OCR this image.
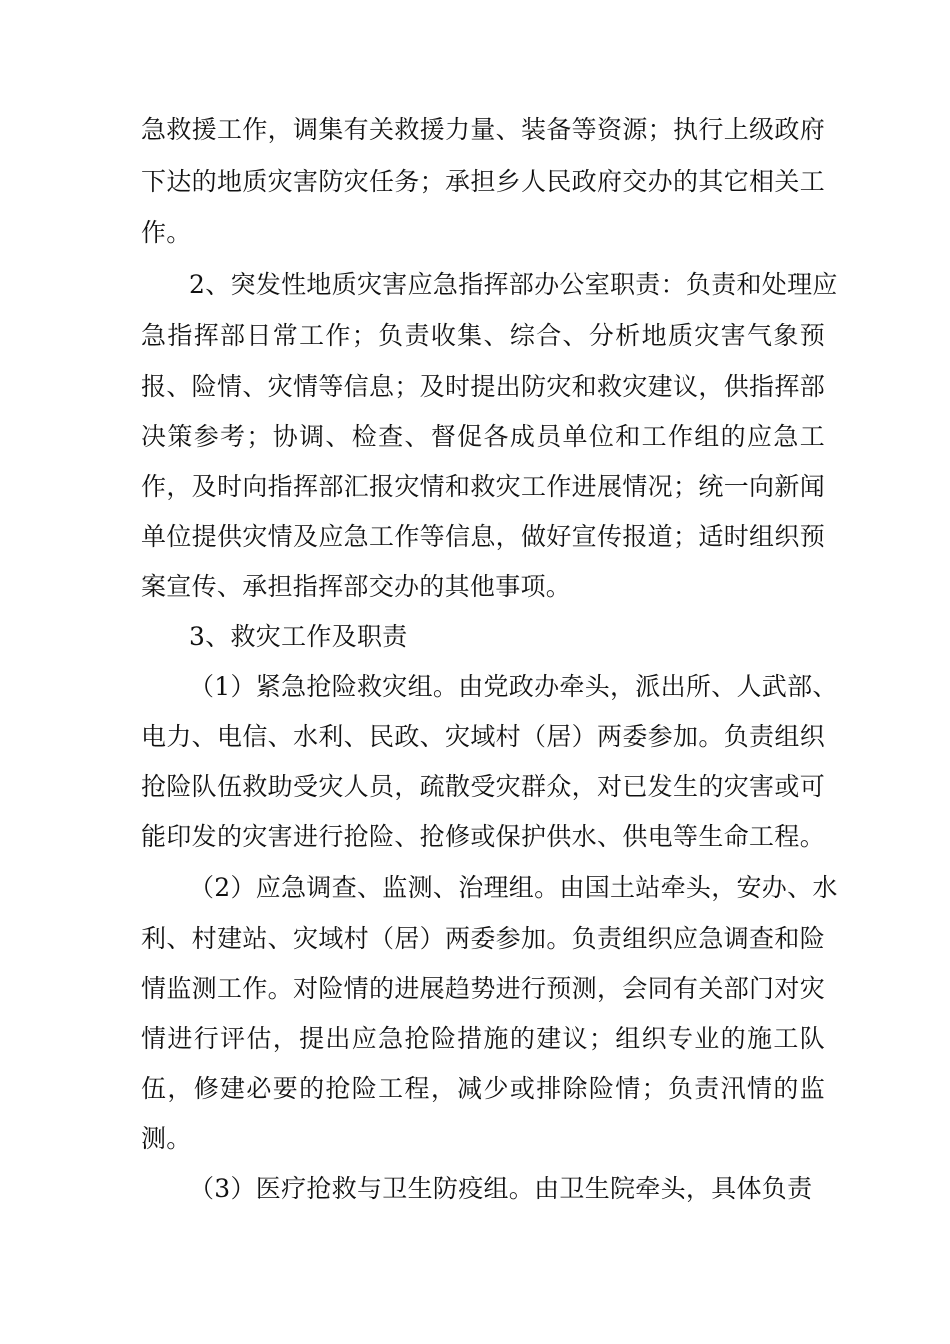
急救援工作，调集有关救援力量、装备等资源；执行上级政府
下达的地质灾害防灾任务；承担乡人民政府交办的其它相关工
作。
2、突发性地质灾害应急指挥部办公室职责：负责和处理应
急指挥部日常工作；负责收集、综合、分析地质灾害气象预
报、险情、灾情等信息；及时提出防灾和救灾建议，供指挥部
决策参考；协调、检查、督促各成员单位和工作组的应急工
作，及时向指挥部汇报灾情和救灾工作进展情况；统一向新闻
单位提供灾情及应急工作等信息，做好宣传报道；适时组织预
案宣传、承担指挥部交办的其他事项。
3、救灾工作及职责
（1）紧急抢险救灾组。由党政办牵头，派出所、人武部、
电力、电信、水利、民政、灾域村（居）两委参加。负责组织
抢险队伍救助受灾人员，疏散受灾群众，对已发生的灾害或可
能印发的灾害进行抢险、抢修或保护供水、供电等生命工程。
（2）应急调查、监测、治理组。由国土站牵头，安办、水
利、村建站、灾域村（居）两委参加。负责组织应急调查和险
情监测工作。对险情的进展趋势进行预测，会同有关部门对灾
情进行评估，提出应急抢险措施的建议；组织专业的施工队
伍，修建必要的抢险工程，减少或排除险情；负责汛情的监
测。
（3）医疗抢救与卫生防疫组。由卫生院牵头，具体负责
